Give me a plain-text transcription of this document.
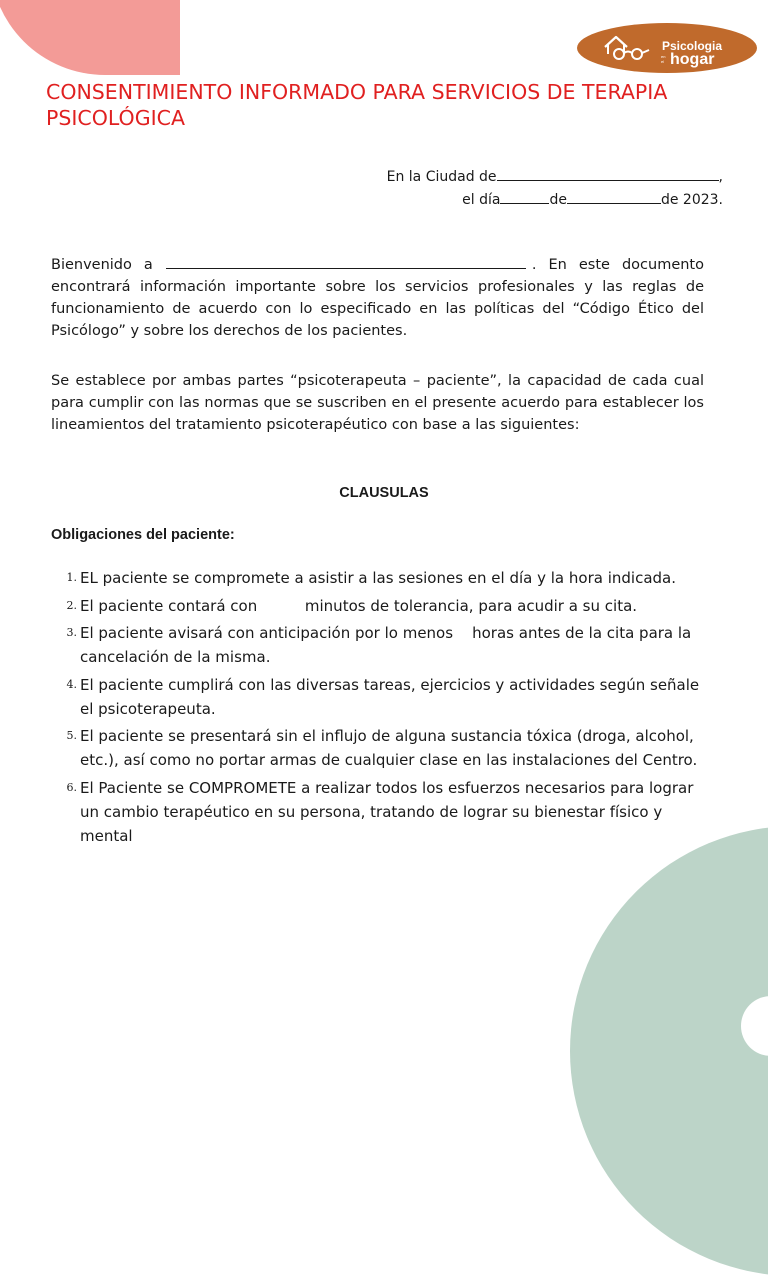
Psicologia
en el hogar
CONSENTIMIENTO INFORMADO PARA SERVICIOS DE TERAPIA PSICOLÓGICA
En la Ciudad de	,
el día	de	de 2023.

Bienvenido a	. En este documento encontrará información importante sobre los servicios profesionales y las reglas de funcionamiento de acuerdo con lo especificado en las políticas del “Código Ético del Psicólogo” y sobre los derechos de los pacientes.

Se establece por ambas partes “psicoterapeuta – paciente”, la capacidad de cada cual para cumplir con las normas que se suscriben en el presente acuerdo para establecer los lineamientos del tratamiento psicoterapéutico con base a las siguientes:

CLAUSULAS
Obligaciones del paciente:
1. EL paciente se compromete a asistir a las sesiones en el día y la hora indicada.
2. El paciente contará con          minutos de tolerancia, para acudir a su cita.
3. El paciente avisará con anticipación por lo menos    horas antes de la cita para la cancelación de la misma.
4. El paciente cumplirá con las diversas tareas, ejercicios y actividades según señale el psicoterapeuta.
5. El paciente se presentará sin el influjo de alguna sustancia tóxica (droga, alcohol, etc.), así como no portar armas de cualquier clase en las instalaciones del Centro.
6. El Paciente se COMPROMETE a realizar todos los esfuerzos necesarios para lograr un cambio terapéutico en su persona, tratando de lograr su bienestar físico y mental
